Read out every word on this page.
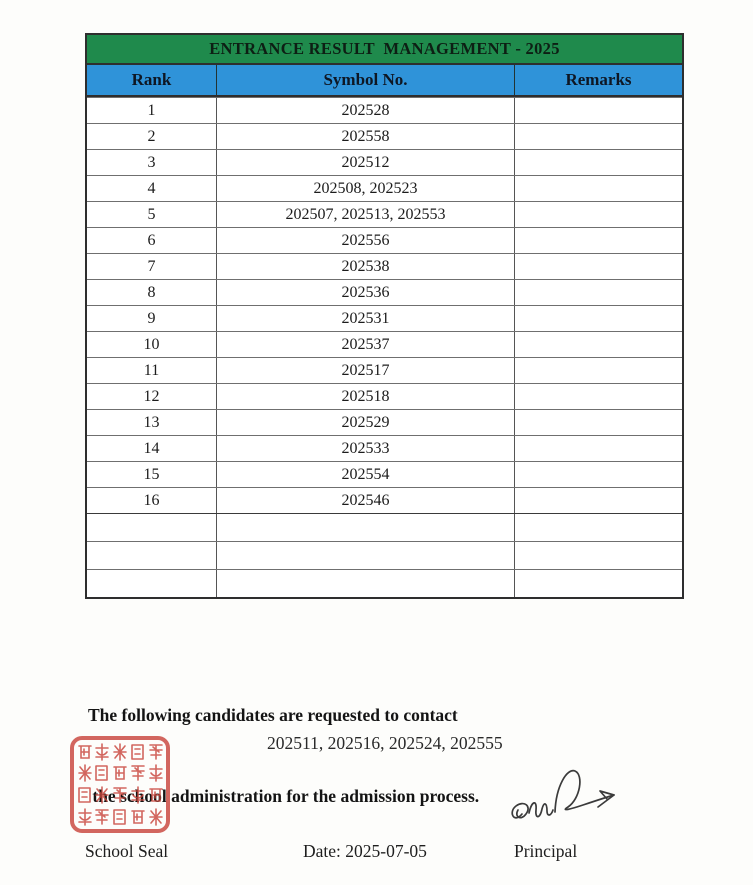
ENTRANCE RESULT  MANAGEMENT - 2025
Rank	Symbol No.	Remarks
1	202528
2	202558
3	202512
4	202508, 202523
5	202507, 202513, 202553
6	202556
7	202538
8	202536
9	202531
10	202537
11	202517
12	202518
13	202529
14	202533
15	202554
16	202546

The following candidates are requested to contact

the school administration for the admission process.

202511, 202516, 202524, 202555
School Seal	Date: 2025-07-05	Principal
